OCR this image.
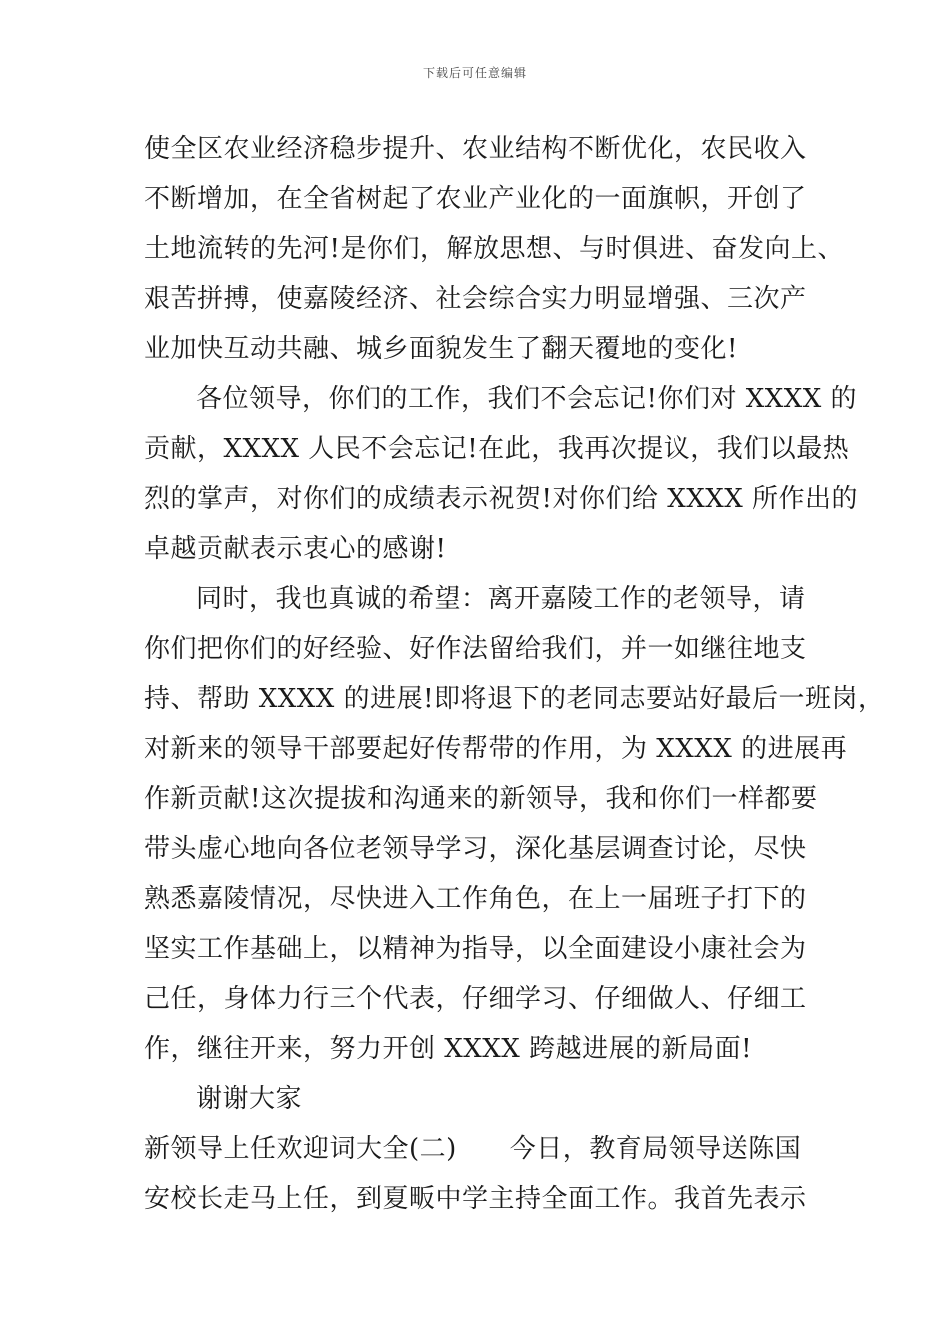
下载后可任意编辑
使全区农业经济稳步提升、农业结构不断优化，农民收入
不断增加，在全省树起了农业产业化的一面旗帜，开创了
土地流转的先河!是你们，解放思想、与时俱进、奋发向上、
艰苦拼搏，使嘉陵经济、社会综合实力明显增强、三次产
业加快互动共融、城乡面貌发生了翻天覆地的变化!
各位领导，你们的工作，我们不会忘记!你们对 XXXX 的
贡献，XXXX 人民不会忘记!在此，我再次提议，我们以最热
烈的掌声，对你们的成绩表示祝贺!对你们给 XXXX 所作出的
卓越贡献表示衷心的感谢!
同时，我也真诚的希望：离开嘉陵工作的老领导，请
你们把你们的好经验、好作法留给我们，并一如继往地支
持、帮助 XXXX 的进展!即将退下的老同志要站好最后一班岗，
对新来的领导干部要起好传帮带的作用，为 XXXX 的进展再
作新贡献!这次提拔和沟通来的新领导，我和你们一样都要
带头虚心地向各位老领导学习，深化基层调查讨论，尽快
熟悉嘉陵情况，尽快进入工作角色，在上一届班子打下的
坚实工作基础上，以精神为指导，以全面建设小康社会为
己任，身体力行三个代表，仔细学习、仔细做人、仔细工
作，继往开来，努力开创 XXXX 跨越进展的新局面!
谢谢大家
新领导上任欢迎词大全(二)　　今日，教育局领导送陈国
安校长走马上任，到夏畈中学主持全面工作。我首先表示
